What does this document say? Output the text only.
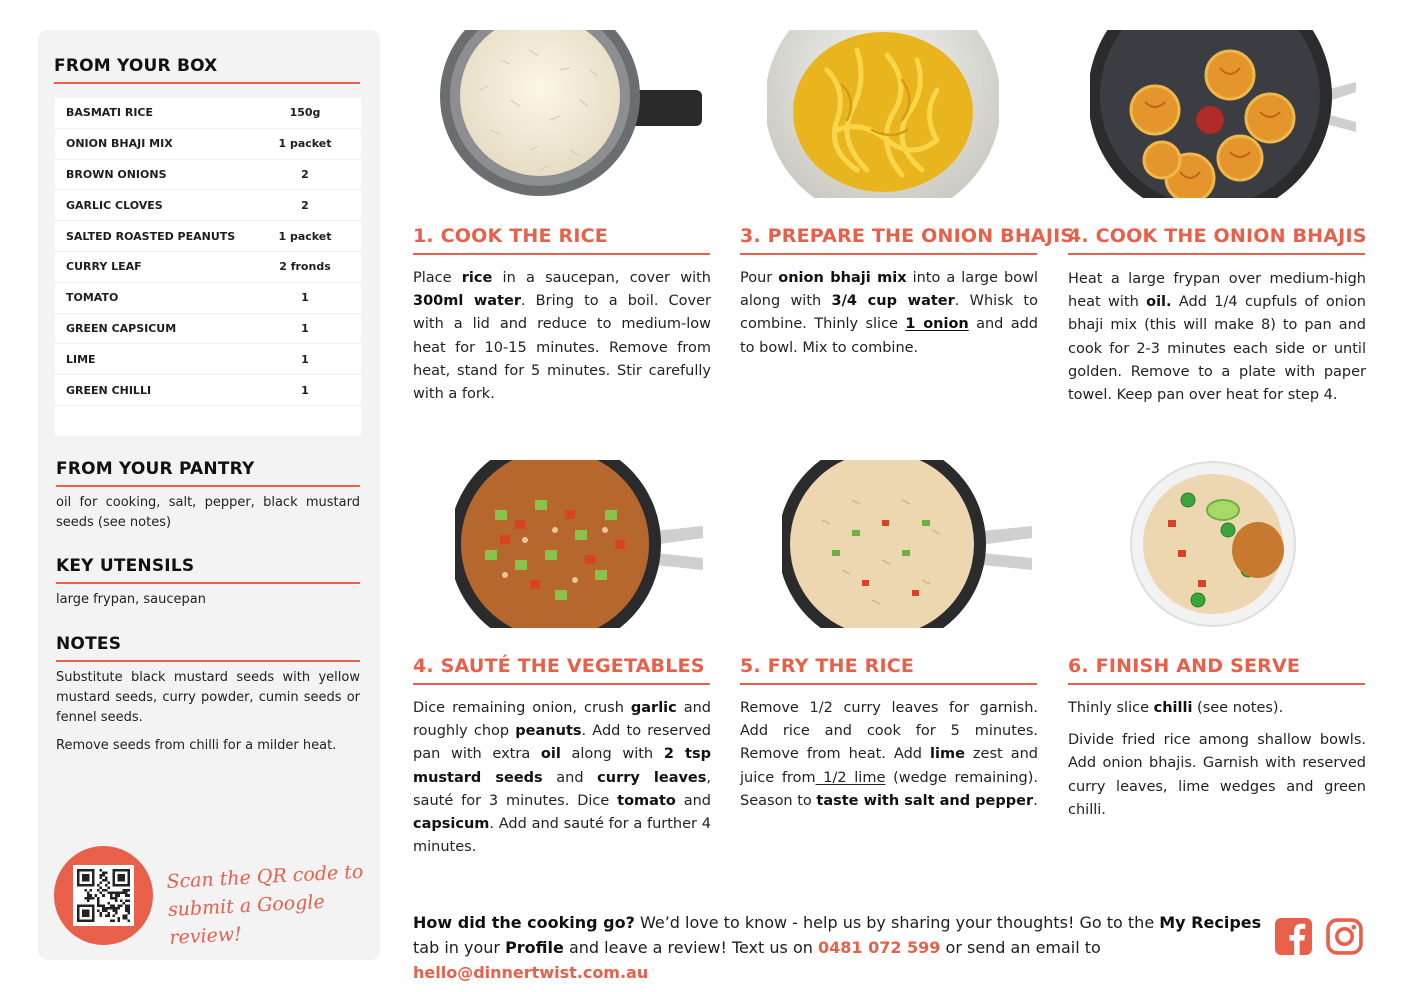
FROM YOUR BOX
BASMATI RICE	150g
ONION BHAJI MIX	1 packet
BROWN ONIONS	2
GARLIC CLOVES	2
SALTED ROASTED PEANUTS	1 packet
CURRY LEAF	2 fronds
TOMATO	1
GREEN CAPSICUM	1
LIME	1
GREEN CHILLI	1
FROM YOUR PANTRY
oil for cooking, salt, pepper, black mustard seeds (see notes)
KEY UTENSILS
large frypan, saucepan
NOTES
Substitute black mustard seeds with yellow mustard seeds, curry powder, cumin seeds or fennel seeds.
Remove seeds from chilli for a milder heat.
Scan the QR code to
submit a Google review!
1. COOK THE RICE	3. PREPARE THE ONION BHAJIS
4. COOK THE ONION BHAJIS
4. SAUTÉ THE VEGETABLES 5. FRY THE RICE	6. FINISH AND SERVE

Place rice in a saucepan, cover with 300ml water. Bring to a boil. Cover with a lid and reduce to medium-low heat for 10-15 minutes. Remove from heat, stand for 5 minutes. Stir carefully with a fork.

Pour onion bhaji mix into a large bowl along with 3/4 cup water. Whisk to combine. Thinly slice 1 onion and add to bowl. Mix to combine.

Heat a large frypan over medium-high heat with oil. Add 1/4 cupfuls of onion bhaji mix (this will make 8) to pan and cook for 2-3 minutes each side or until golden. Remove to a plate with paper towel. Keep pan over heat for step 4.

Dice remaining onion, crush garlic and roughly chop peanuts. Add to reserved pan with extra oil along with 2 tsp mustard seeds and curry leaves, sauté for 3 minutes. Dice tomato and capsicum. Add and sauté for a further 4 minutes.

Remove 1/2 curry leaves for garnish. Add rice and cook for 5 minutes. Remove from heat. Add lime zest and juice from 1/2 lime (wedge remaining). Season to taste with salt and pepper.

Thinly slice chilli (see notes).

Divide fried rice among shallow bowls. Add onion bhajis. Garnish with reserved curry leaves, lime wedges and green chilli.

How did the cooking go? We’d love to know - help us by sharing your thoughts! Go to the My Recipes tab in your Profile and leave a review! Text us on 0481 072 599 or send an email to hello@dinnertwist.com.au
